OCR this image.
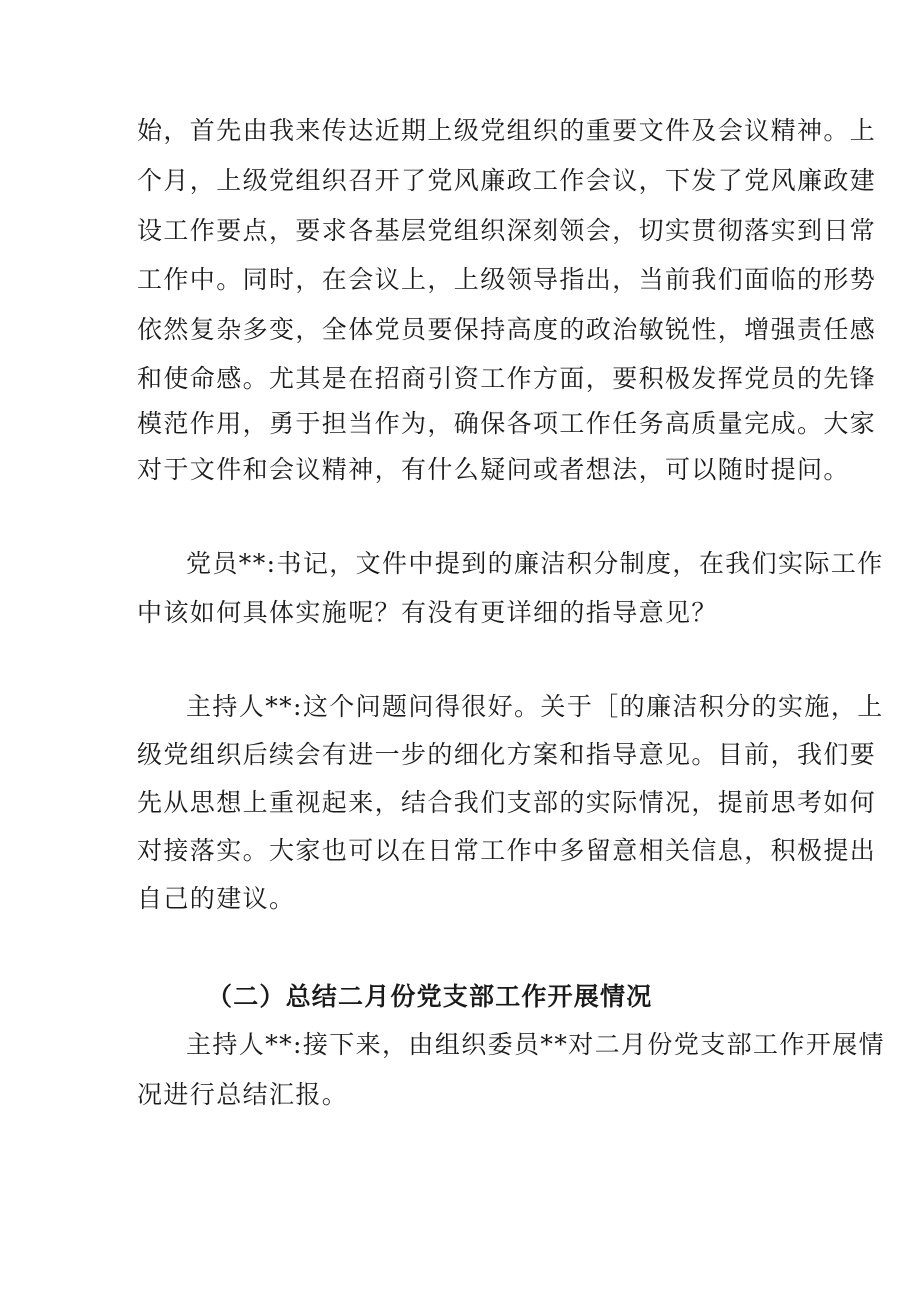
始，首先由我来传达近期上级党组织的重要文件及会议精神。上
个月，上级党组织召开了党风廉政工作会议，下发了党风廉政建
设工作要点，要求各基层党组织深刻领会，切实贯彻落实到日常
工作中。同时，在会议上，上级领导指出，当前我们面临的形势
依然复杂多变，全体党员要保持高度的政治敏锐性，增强责任感
和使命感。尤其是在招商引资工作方面，要积极发挥党员的先锋
模范作用，勇于担当作为，确保各项工作任务高质量完成。大家
对于文件和会议精神，有什么疑问或者想法，可以随时提问。
党员**:书记，文件中提到的廉洁积分制度，在我们实际工作
中该如何具体实施呢？有没有更详细的指导意见？
主持人**:这个问题问得很好。关于［的廉洁积分的实施，上
级党组织后续会有进一步的细化方案和指导意见。目前，我们要
先从思想上重视起来，结合我们支部的实际情况，提前思考如何
对接落实。大家也可以在日常工作中多留意相关信息，积极提出
自己的建议。
（二）总结二月份党支部工作开展情况
主持人**:接下来，由组织委员**对二月份党支部工作开展情
况进行总结汇报。
